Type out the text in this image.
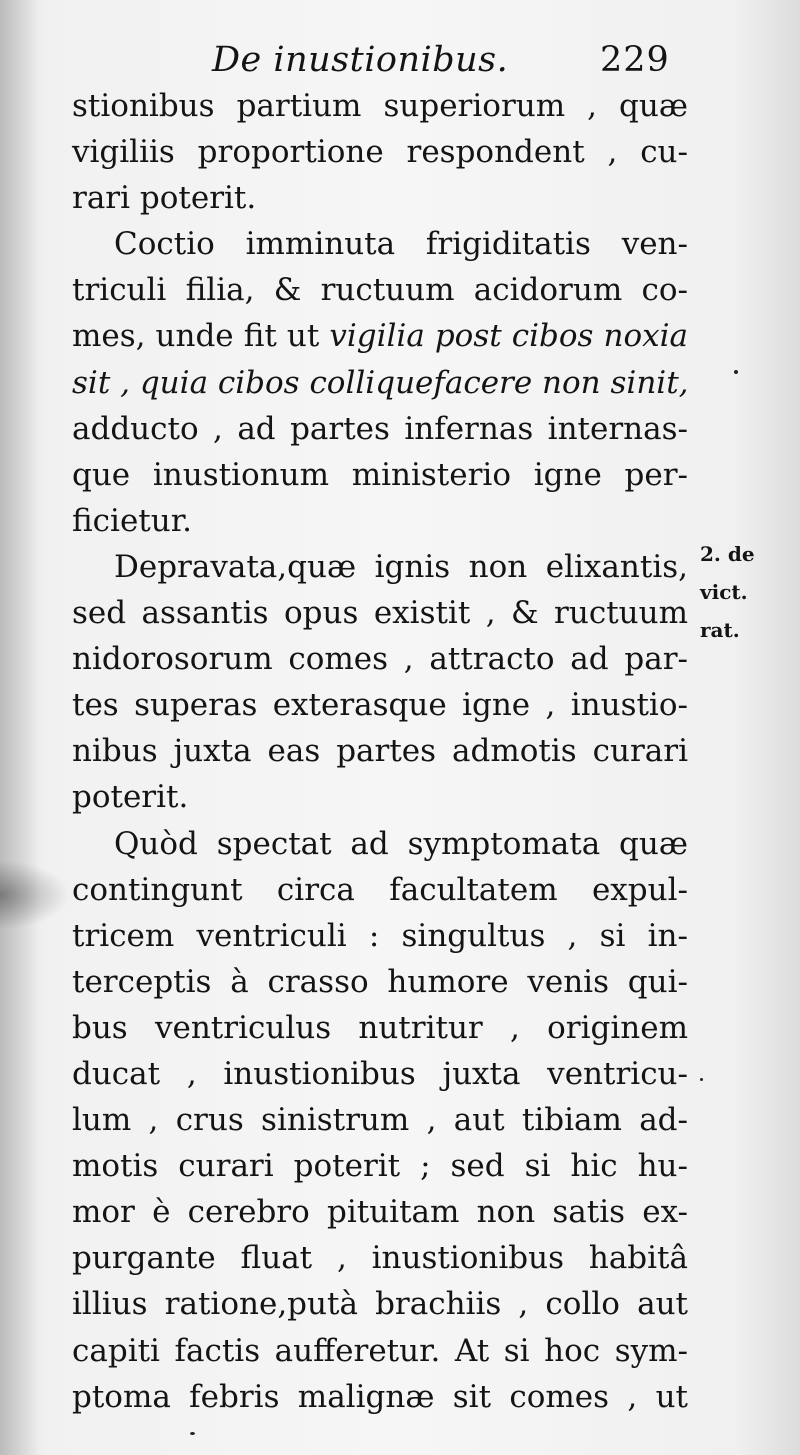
De inustionibus.	229
stionibus partium superiorum , quæ
vigiliis proportione respondent , cu-
rari poterit.
Coctio imminuta frigiditatis ven-
triculi filia, & ructuum acidorum co-
mes, unde fit ut vigilia post cibos noxia
sit , quia cibos colliquefacere non sinit,
adducto , ad partes infernas internas-
que inustionum ministerio igne per-
ficietur.
Depravata,quæ ignis non elixantis,
sed assantis opus existit , & ructuum
nidorosorum comes , attracto ad par-
tes superas exterasque igne , inustio-
nibus juxta eas partes admotis curari
poterit.
Quòd spectat ad symptomata quæ
contingunt circa facultatem expul-
tricem ventriculi : singultus , si in-
terceptis à crasso humore venis qui-
bus ventriculus nutritur , originem
ducat , inustionibus juxta ventricu-
lum , crus sinistrum , aut tibiam ad-
motis curari poterit ; sed si hic hu-
mor è cerebro pituitam non satis ex-
purgante fluat , inustionibus habitâ
illius ratione,putà brachiis , collo aut
capiti factis aufferetur. At si hoc sym-
ptoma febris malignæ sit comes , ut
2. de
vict.
rat.
